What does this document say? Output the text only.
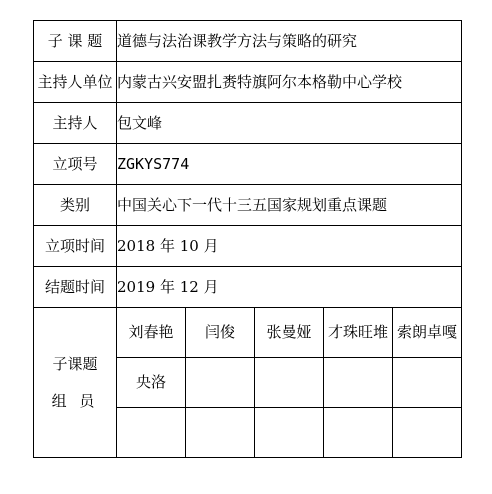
子 课 题	道德与法治课教学方法与策略的研究				
主持人单位	内蒙古兴安盟扎赉特旗阿尔本格勒中心学校				
主持人	包文峰				
立项号	ZGKYS774				
类别	中国关心下一代十三五国家规划重点课题				
立项时间	2018 年 10 月				
结题时间	2019 年 12 月				

子课题
组 员	刘春艳	闫俊	张曼娅	才珠旺堆	索朗卓嘎
	央洛				
